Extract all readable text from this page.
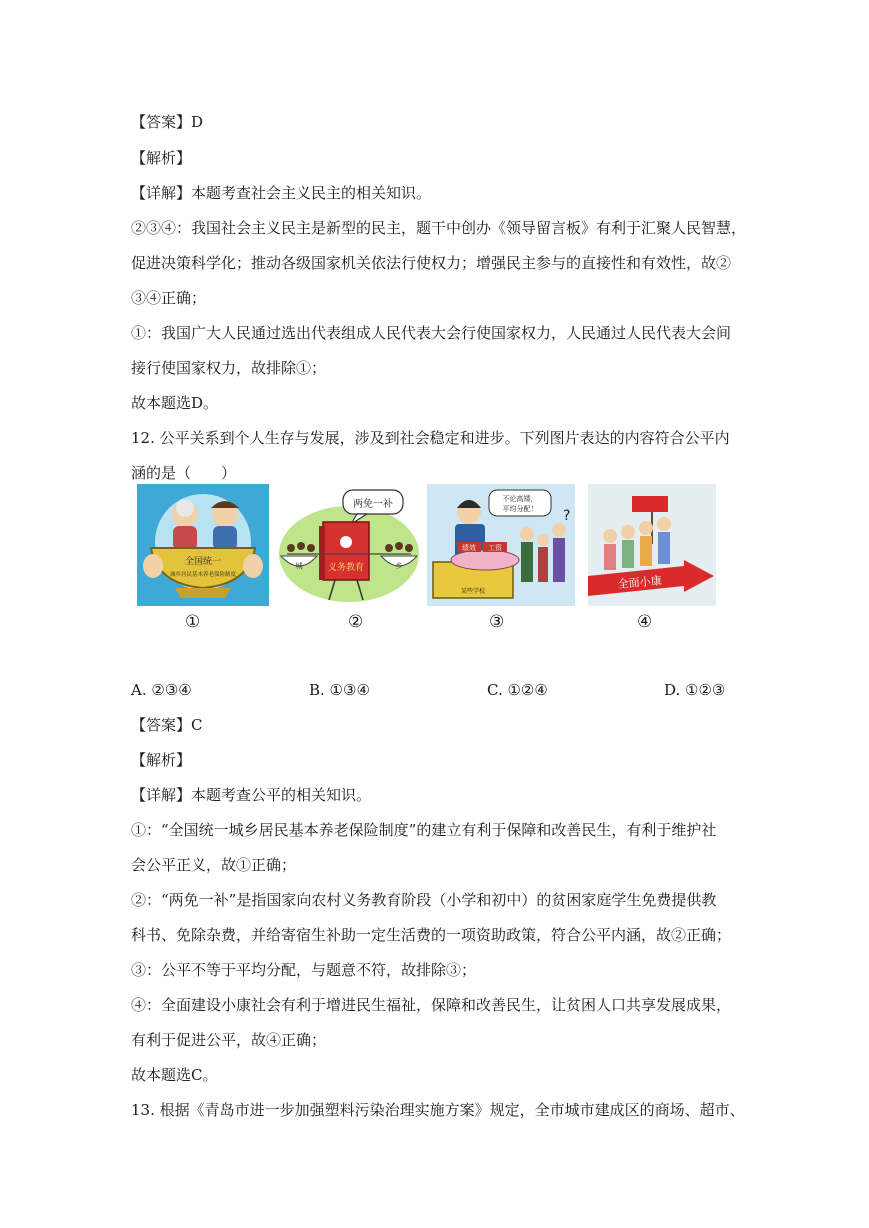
【答案】D
【解析】
【详解】本题考查社会主义民主的相关知识。
②③④：我国社会主义民主是新型的民主，题干中创办《领导留言板》有利于汇聚人民智慧，
促进决策科学化；推动各级国家机关依法行使权力；增强民主参与的直接性和有效性，故②
③④正确；
①：我国广大人民通过选出代表组成人民代表大会行使国家权力，人民通过人民代表大会间
接行使国家权力，故排除①；
故本题选D。
12. 公平关系到个人生存与发展，涉及到社会稳定和进步。下列图片表达的内容符合公平内
涵的是（　　）
全国统一
城乡居民基本养老保险制度
两免一补
义务教育
城	乡
不论高矮，
平均分配！
某些学校
绩效 工资
?
全面小康
①	②	③	④
A. ②③④	B. ①③④	C. ①②④	D. ①②③
【答案】C
【解析】
【详解】本题考查公平的相关知识。
①：“全国统一城乡居民基本养老保险制度”的建立有利于保障和改善民生，有利于维护社
会公平正义，故①正确；
②：“两免一补”是指国家向农村义务教育阶段（小学和初中）的贫困家庭学生免费提供教
科书、免除杂费，并给寄宿生补助一定生活费的一项资助政策，符合公平内涵，故②正确；
③：公平不等于平均分配，与题意不符，故排除③；
④：全面建设小康社会有利于增进民生福祉，保障和改善民生，让贫困人口共享发展成果，
有利于促进公平，故④正确；
故本题选C。
13. 根据《青岛市进一步加强塑料污染治理实施方案》规定，全市城市建成区的商场、超市、
